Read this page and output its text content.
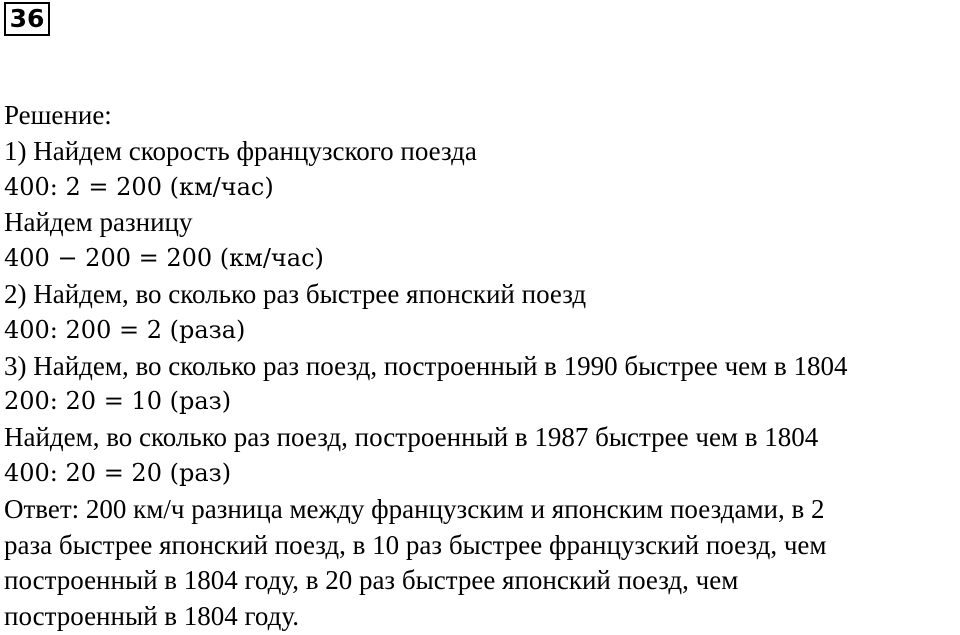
36
Решение:
1) Найдем скорость французского поезда
400: 2 = 200 (км/час)
Найдем разницу
400 − 200 = 200 (км/час)
2) Найдем, во сколько раз быстрее японский поезд
400: 200 = 2 (раза)
3) Найдем, во сколько раз поезд, построенный в 1990 быстрее чем в 1804
200: 20 = 10 (раз)
Найдем, во сколько раз поезд, построенный в 1987 быстрее чем в 1804
400: 20 = 20 (раз)
Ответ: 200 км/ч разница между французским и японским поездами, в 2
раза быстрее японский поезд, в 10 раз быстрее французский поезд, чем
построенный в 1804 году, в 20 раз быстрее японский поезд, чем
построенный в 1804 году.
